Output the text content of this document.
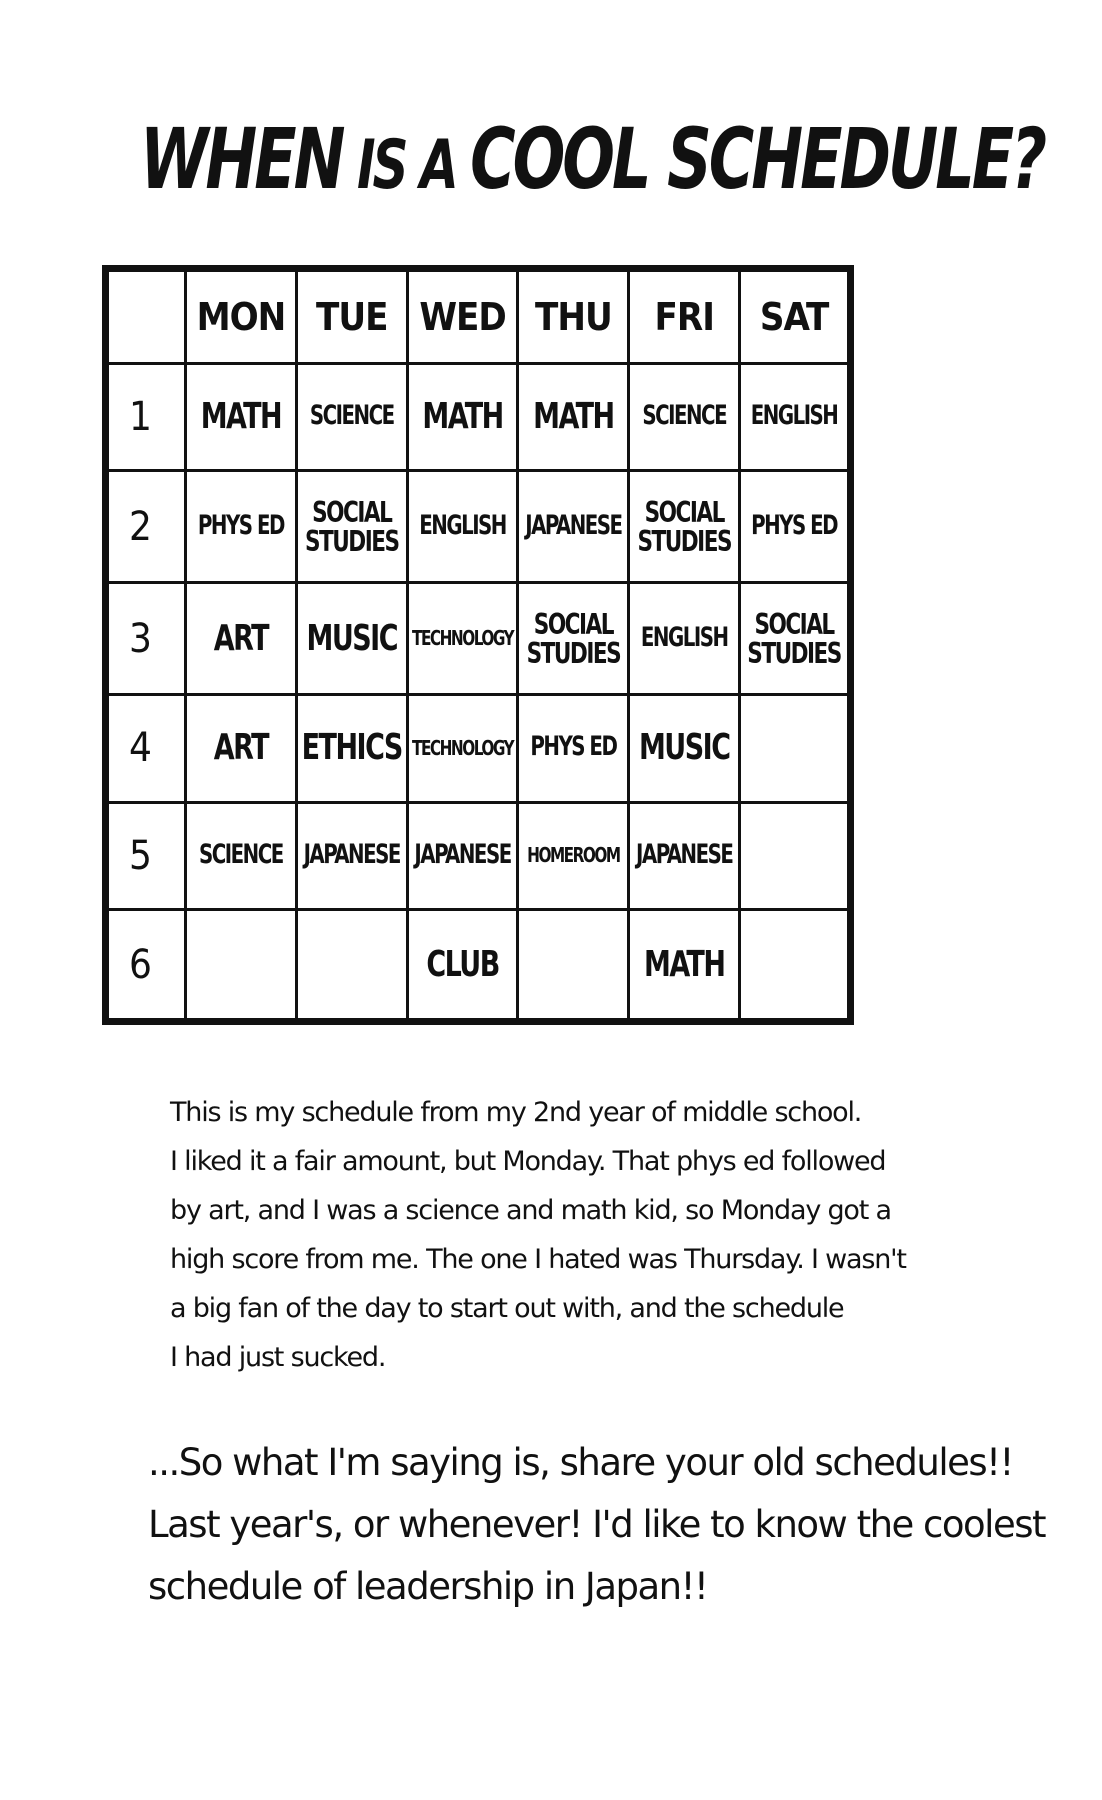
WHEN IS A COOL SCHEDULE?
	MON	TUE	WED	THU	FRI	SAT
1	MATH	SCIENCE	MATH	MATH	SCIENCE	ENGLISH
2	PHYS ED	SOCIAL
STUDIES	ENGLISH	JAPANESE	SOCIAL
STUDIES	PHYS ED
3	ART	MUSIC	TECHNOLOGY	SOCIAL
STUDIES	ENGLISH	SOCIAL
STUDIES
4	ART	ETHICS	TECHNOLOGY	PHYS ED	MUSIC	
5	SCIENCE	JAPANESE	JAPANESE	HOMEROOM	JAPANESE	
6			CLUB		MATH	
This is my schedule from my 2nd year of middle school.
I liked it a fair amount, but Monday. That phys ed followed
by art, and I was a science and math kid, so Monday got a
high score from me. The one I hated was Thursday. I wasn't
a big fan of the day to start out with, and the schedule
I had just sucked.
...So what I'm saying is, share your old schedules!!
Last year's, or whenever! I'd like to know the coolest
schedule of leadership in Japan!!
